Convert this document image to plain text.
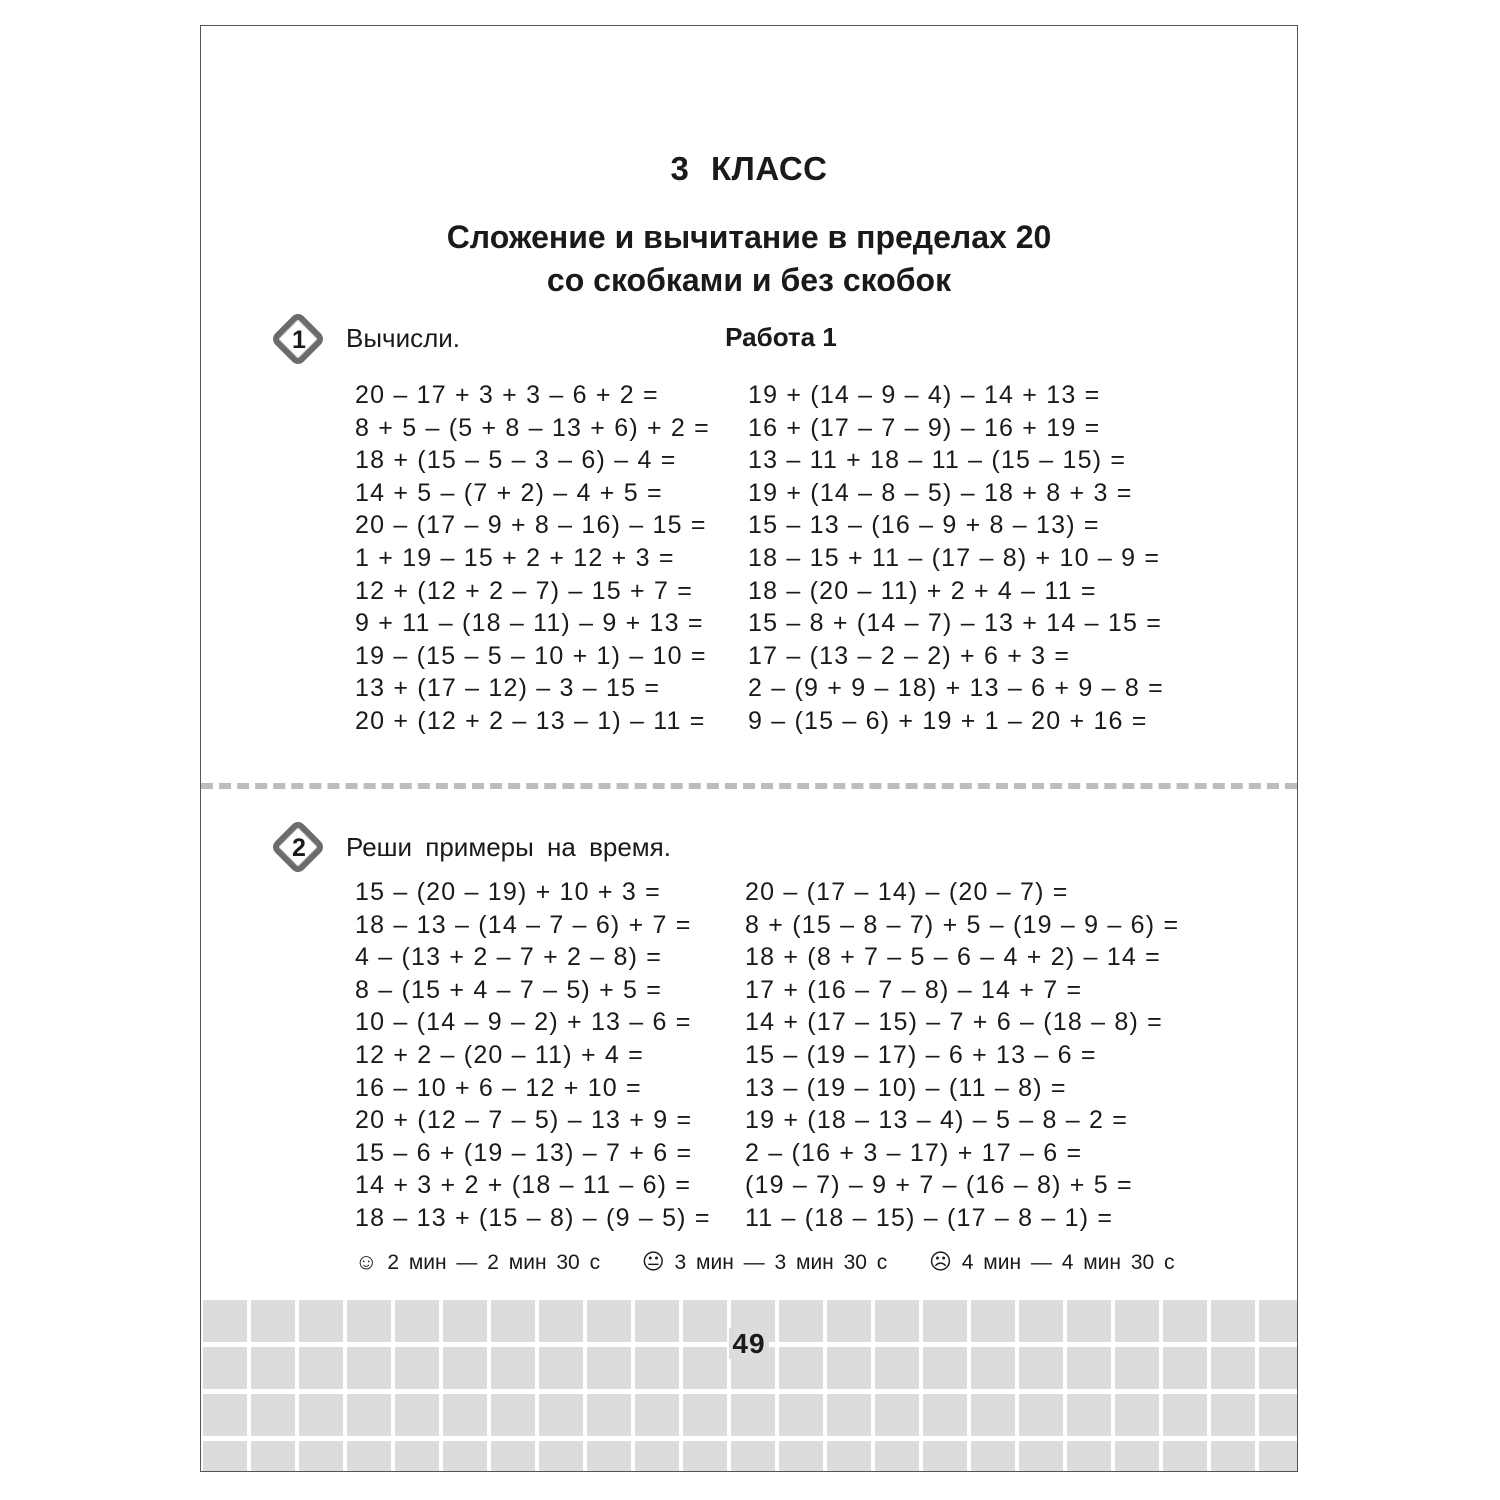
3 КЛАСС
Сложение и вычитание в пределах 20
со скобками и без скобок
Работа 1
1	Вычисли.
20 – 17 + 3 + 3 – 6 + 2 =
8 + 5 – (5 + 8 – 13 + 6) + 2 =
18 + (15 – 5 – 3 – 6) – 4 =
14 + 5 – (7 + 2) – 4 + 5 =
20 – (17 – 9 + 8 – 16) – 15 =
1 + 19 – 15 + 2 + 12 + 3 =
12 + (12 + 2 – 7) – 15 + 7 =
9 + 11 – (18 – 11) – 9 + 13 =
19 – (15 – 5 – 10 + 1) – 10 =
13 + (17 – 12) – 3 – 15 =
20 + (12 + 2 – 13 – 1) – 11 =
19 + (14 – 9 – 4) – 14 + 13 =
16 + (17 – 7 – 9) – 16 + 19 =
13 – 11 + 18 – 11 – (15 – 15) =
19 + (14 – 8 – 5) – 18 + 8 + 3 =
15 – 13 – (16 – 9 + 8 – 13) =
18 – 15 + 11 – (17 – 8) + 10 – 9 =
18 – (20 – 11) + 2 + 4 – 11 =
15 – 8 + (14 – 7) – 13 + 14 – 15 =
17 – (13 – 2 – 2) + 6 + 3 =
2 – (9 + 9 – 18) + 13 – 6 + 9 – 8 =
9 – (15 – 6) + 19 + 1 – 20 + 16 =
2	Реши примеры на время.
15 – (20 – 19) + 10 + 3 =
18 – 13 – (14 – 7 – 6) + 7 =
4 – (13 + 2 – 7 + 2 – 8) =
8 – (15 + 4 – 7 – 5) + 5 =
10 – (14 – 9 – 2) + 13 – 6 =
12 + 2 – (20 – 11) + 4 =
16 – 10 + 6 – 12 + 10 =
20 + (12 – 7 – 5) – 13 + 9 =
15 – 6 + (19 – 13) – 7 + 6 =
14 + 3 + 2 + (18 – 11 – 6) =
18 – 13 + (15 – 8) – (9 – 5) =
20 – (17 – 14) – (20 – 7) =
8 + (15 – 8 – 7) + 5 – (19 – 9 – 6) =
18 + (8 + 7 – 5 – 6 – 4 + 2) – 14 =
17 + (16 – 7 – 8) – 14 + 7 =
14 + (17 – 15) – 7 + 6 – (18 – 8) =
15 – (19 – 17) – 6 + 13 – 6 =
13 – (19 – 10) – (11 – 8) =
19 + (18 – 13 – 4) – 5 – 8 – 2 =
2 – (16 + 3 – 17) + 17 – 6 =
(19 – 7) – 9 + 7 – (16 – 8) + 5 =
11 – (18 – 15) – (17 – 8 – 1) =
☺ 2 мин — 2 мин 30 с 😐 3 мин — 3 мин 30 с ☹ 4 мин — 4 мин 30 с
49
